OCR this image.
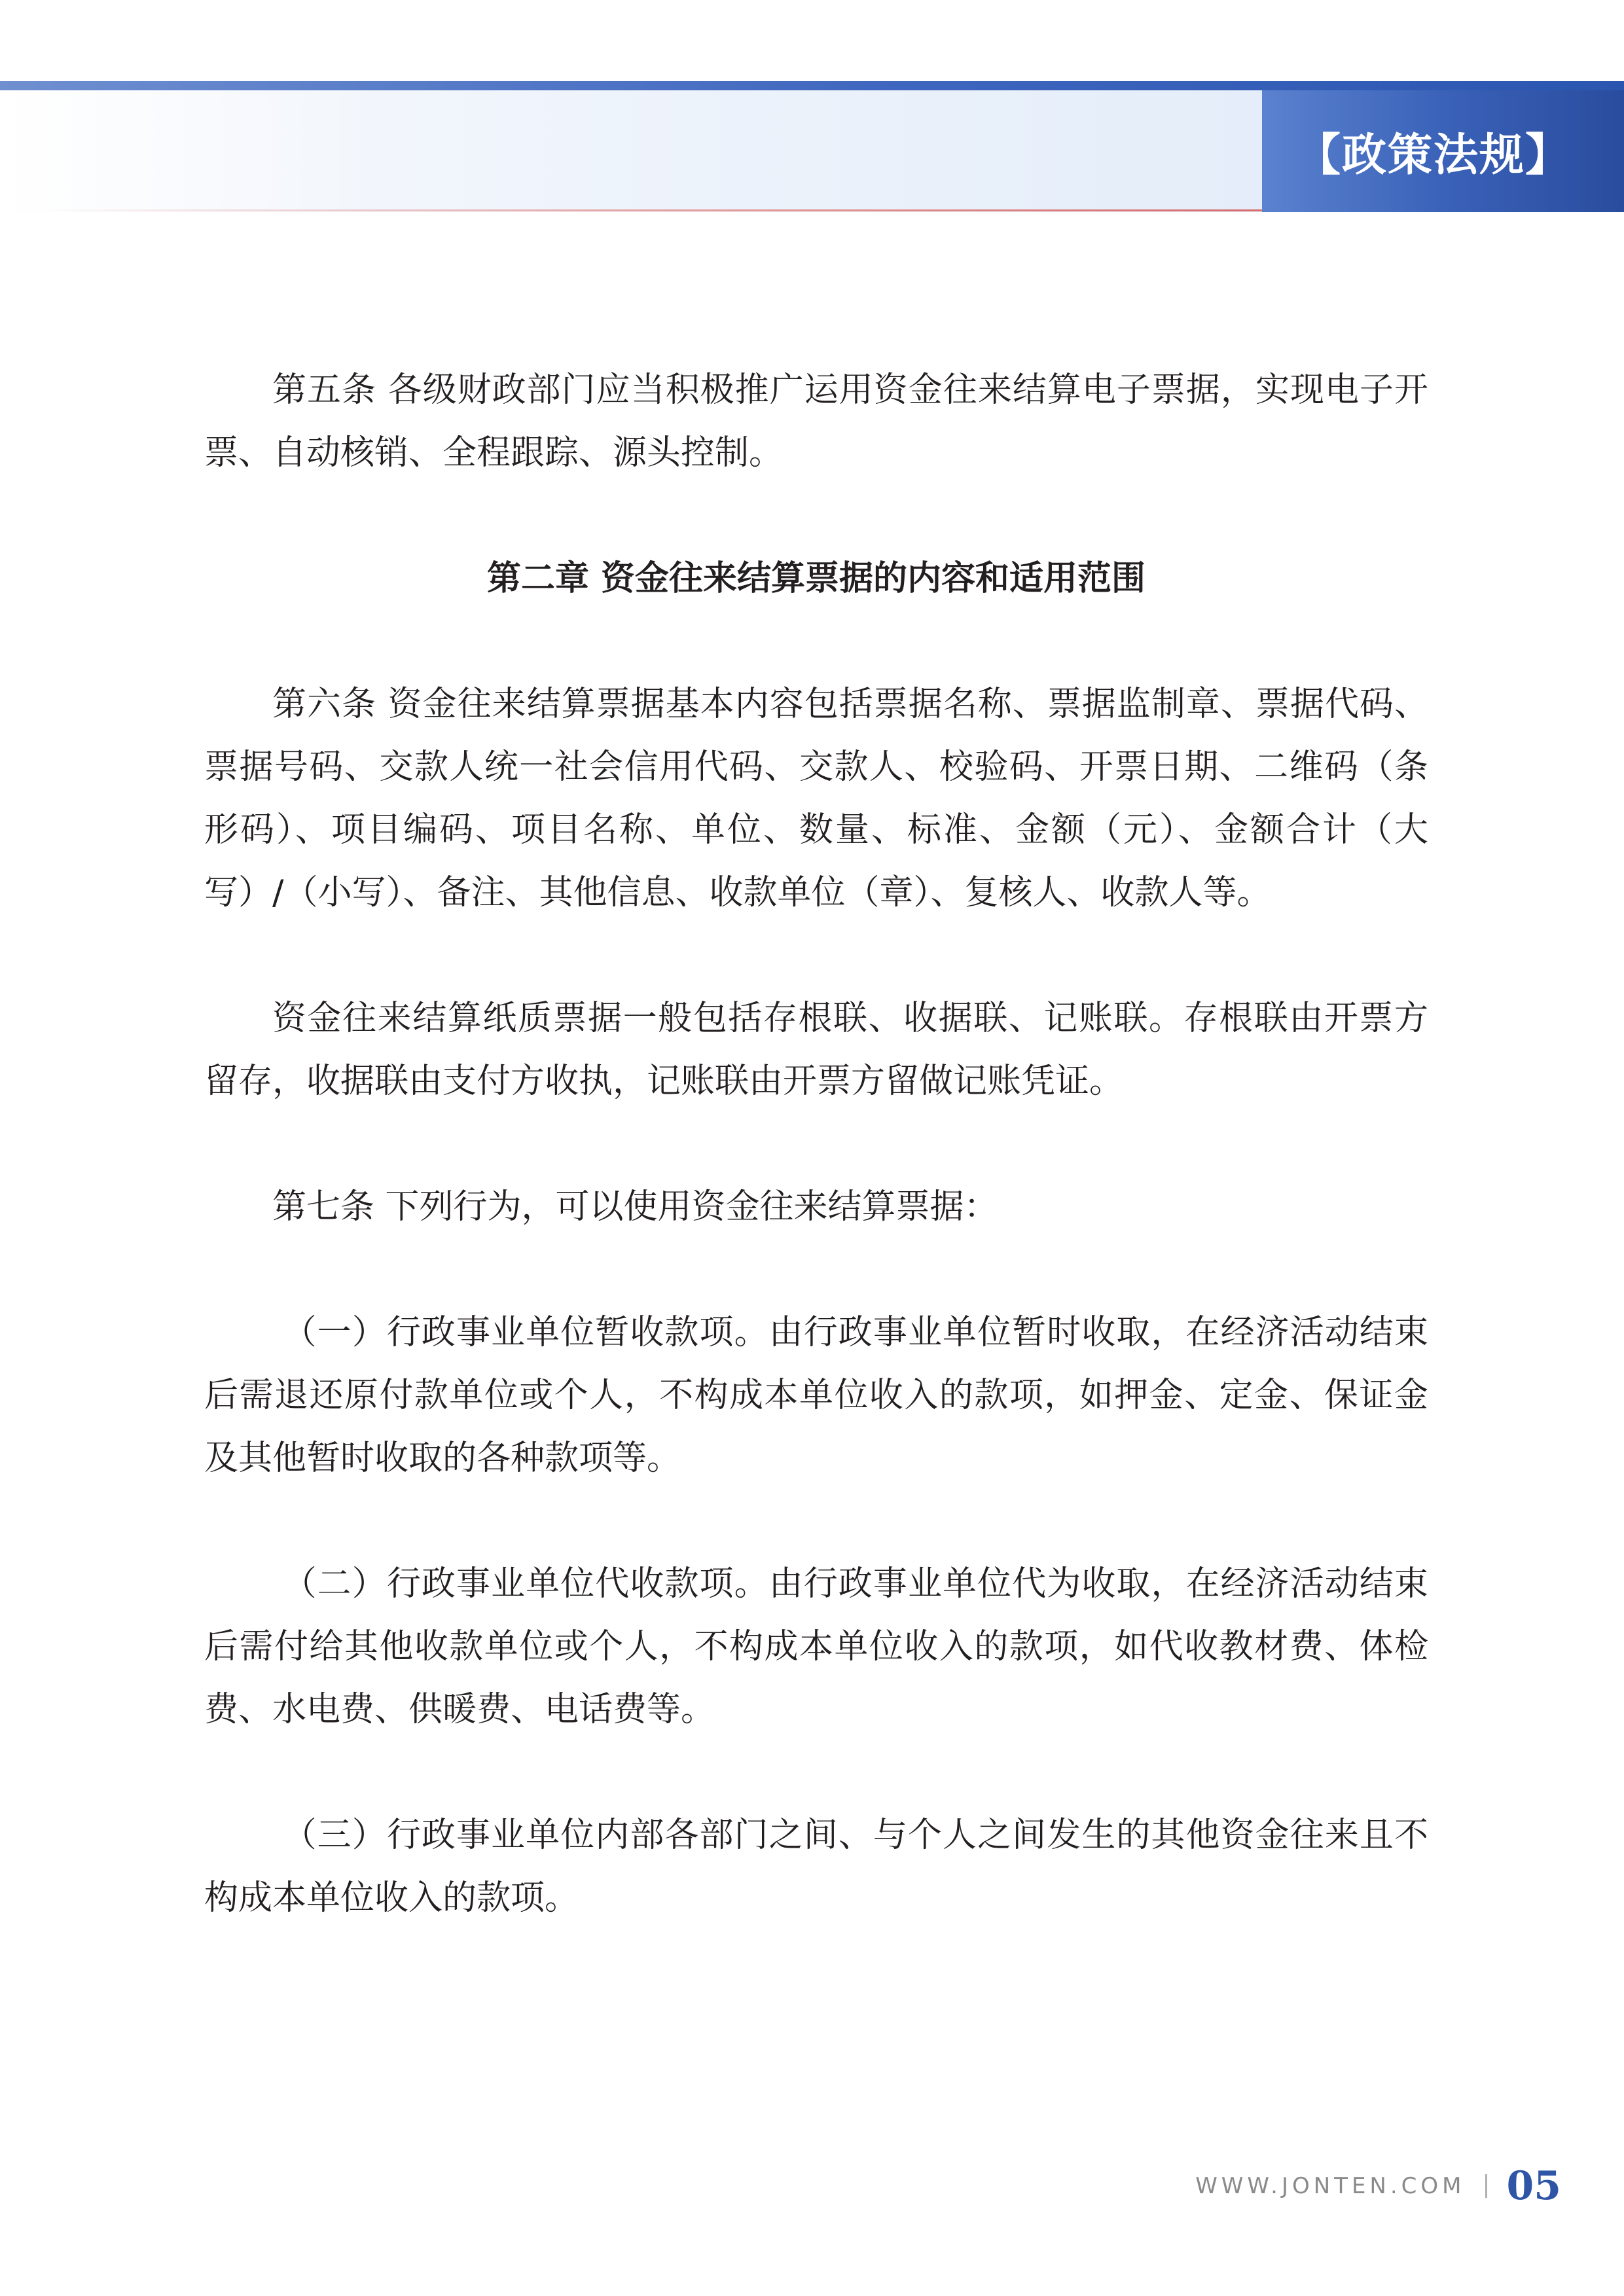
【政策法规】

第五条 各级财政部门应当积极推广运用资金往来结算电子票据，实现电子开票、自动核销、全程跟踪、源头控制。

第二章 资金往来结算票据的内容和适用范围

第六条 资金往来结算票据基本内容包括票据名称、票据监制章、票据代码、票据号码、交款人统一社会信用代码、交款人、校验码、开票日期、二维码（条形码）、项目编码、项目名称、单位、数量、标准、金额（元）、金额合计（大写）/（小写）、备注、其他信息、收款单位（章）、复核人、收款人等。

资金往来结算纸质票据一般包括存根联、收据联、记账联。存根联由开票方留存，收据联由支付方收执，记账联由开票方留做记账凭证。

第七条 下列行为，可以使用资金往来结算票据：

（一）行政事业单位暂收款项。由行政事业单位暂时收取，在经济活动结束后需退还原付款单位或个人，不构成本单位收入的款项，如押金、定金、保证金及其他暂时收取的各种款项等。

（二）行政事业单位代收款项。由行政事业单位代为收取，在经济活动结束后需付给其他收款单位或个人，不构成本单位收入的款项，如代收教材费、体检费、水电费、供暖费、电话费等。

（三）行政事业单位内部各部门之间、与个人之间发生的其他资金往来且不构成本单位收入的款项。

WWW.JONTEN.COM 05
